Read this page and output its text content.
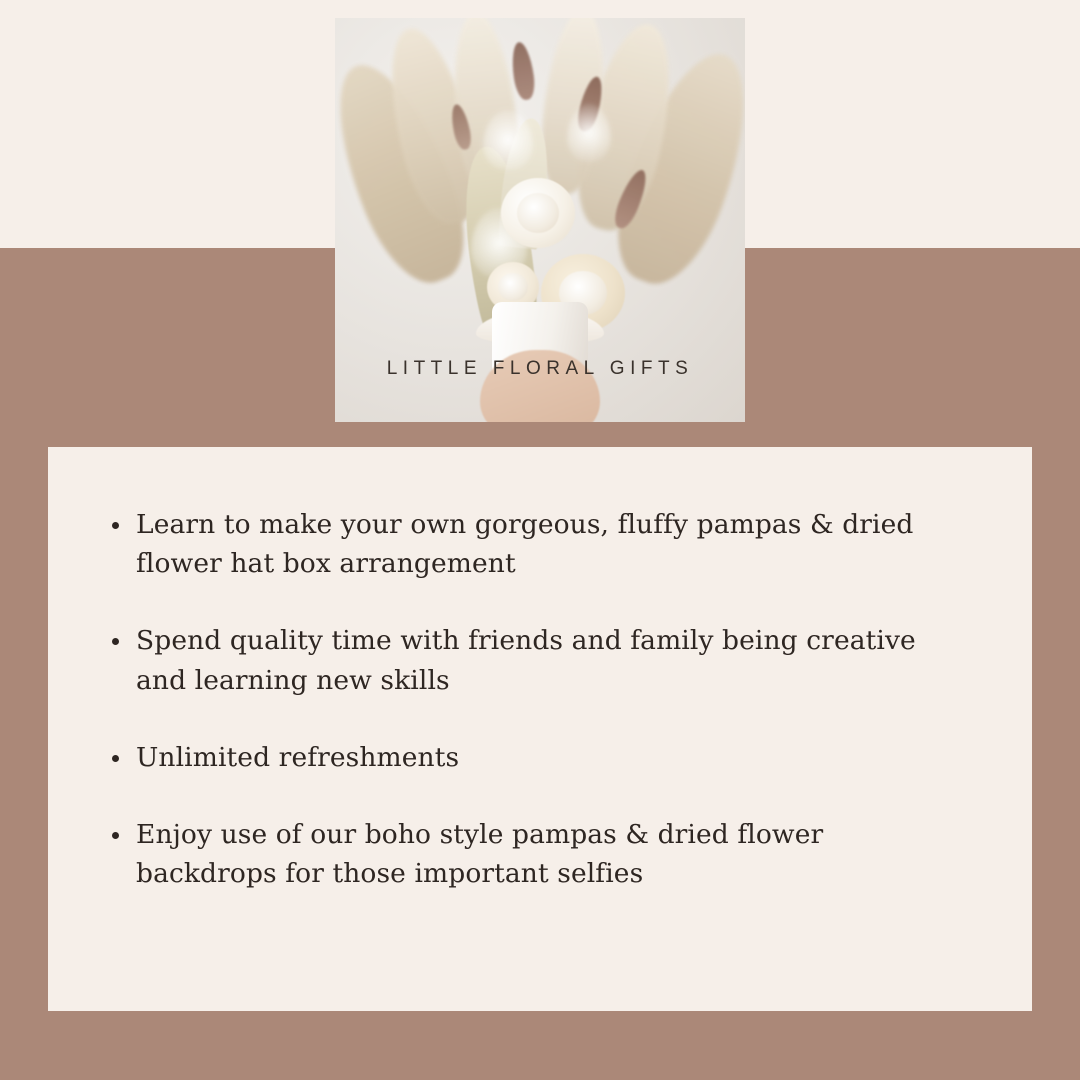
LITTLE FLORAL GIFTS
Learn to make your own gorgeous, fluffy pampas & dried flower hat box arrangement
Spend quality time with friends and family being creative and learning new skills
Unlimited refreshments
Enjoy use of our boho style pampas & dried flower backdrops for those important selfies
